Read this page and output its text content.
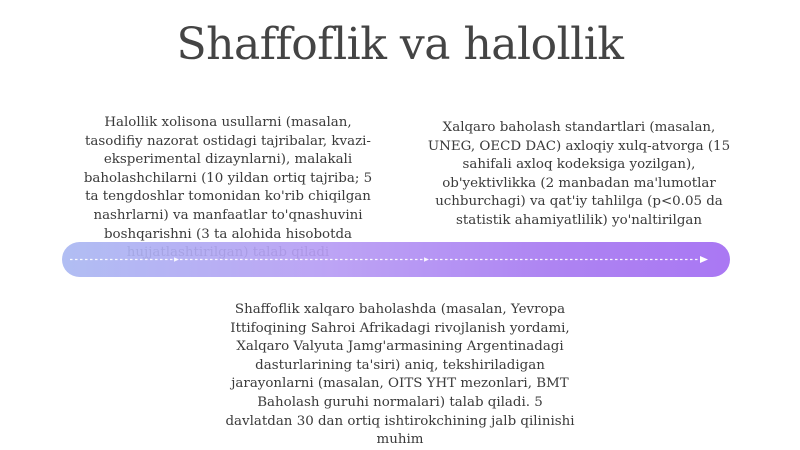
Shaffoflik va halollik
Halollik xolisona usullarni (masalan, tasodifiy nazorat ostidagi tajribalar, kvazi-eksperimental dizaynlarni), malakali baholashchilarni (10 yildan ortiq tajriba; 5 ta tengdoshlar tomonidan ko'rib chiqilgan nashrlarni) va manfaatlar to'qnashuvini boshqarishni (3 ta alohida hisobotda
Xalqaro baholash standartlari (masalan, UNEG, OECD DAC) axloqiy xulq-atvorga (15 sahifali axloq kodeksiga yozilgan), ob'yektivlikka (2 manbadan ma'lumotlar uchburchagi) va qat'iy tahlilga (p<0.05 da statistik ahamiyatlilik) yo'naltirilgan
Shaffoflik xalqaro baholashda (masalan, Yevropa Ittifoqining Sahroi Afrikadagi rivojlanish yordami, Xalqaro Valyuta Jamg'armasining Argentinadagi dasturlarining ta'siri) aniq, tekshiriladigan jarayonlarni (masalan, OITS YHT mezonlari, BMT Baholash guruhi normalari) talab qiladi. 5 davlatdan 30 dan ortiq ishtirokchining jalb qilinishi muhim
